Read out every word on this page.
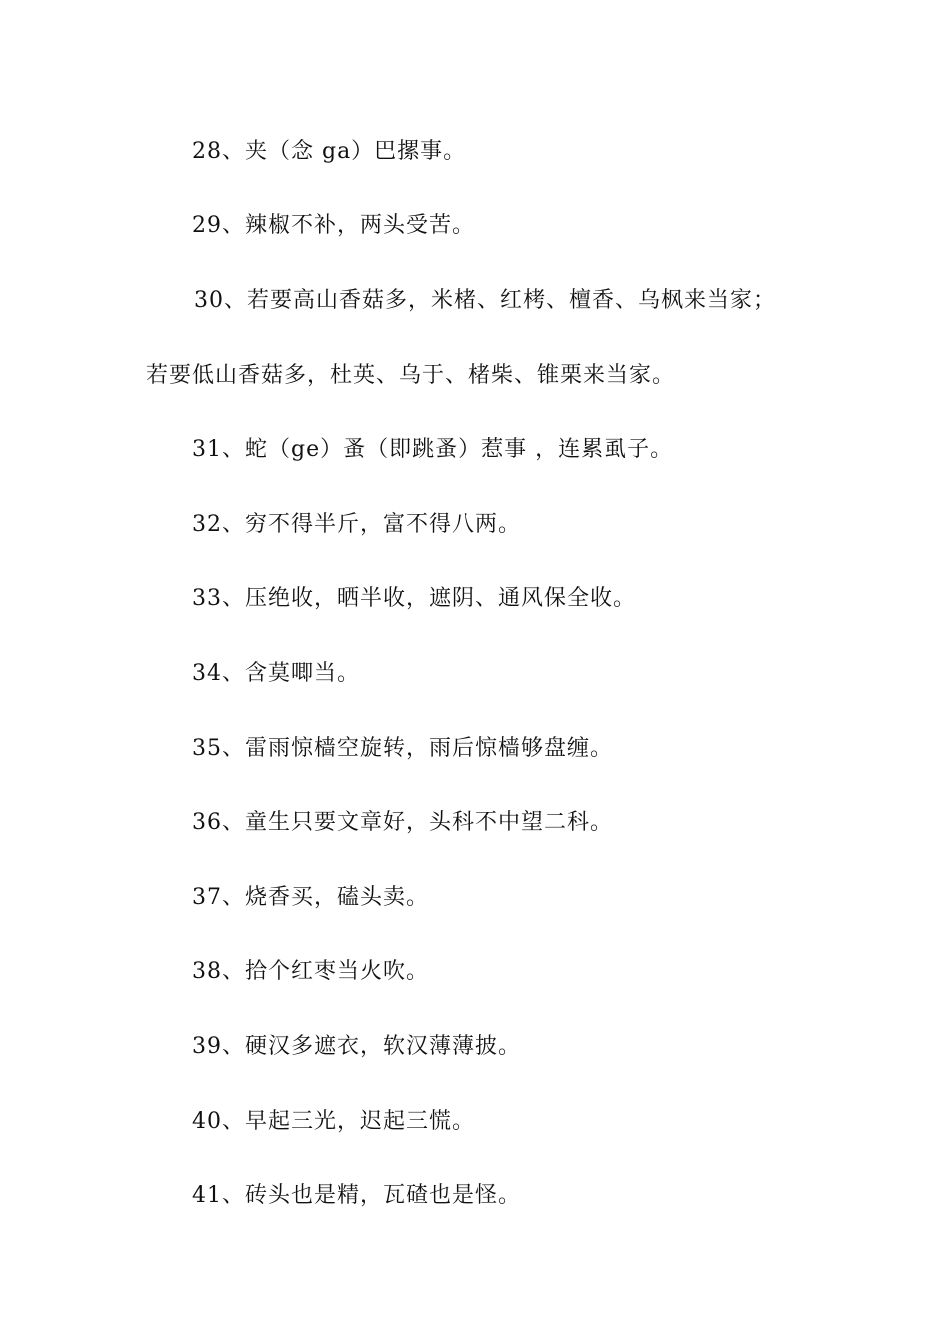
28、夹（念 ga）巴摞事。
29、辣椒不补，两头受苦。
30、若要高山香菇多，米楮、红栲、檀香、乌枫来当家；
若要低山香菇多，杜英、乌于、楮柴、锥栗来当家。
31、蛇（ge）蚤（即跳蚤）惹事 ，连累虱子。
32、穷不得半斤，富不得八两。
33、压绝收，晒半收，遮阴、通风保全收。
34、含莫唧当。
35、雷雨惊樯空旋转，雨后惊樯够盘缠。
36、童生只要文章好，头科不中望二科。
37、烧香买，磕头卖。
38、拾个红枣当火吹。
39、硬汉多遮衣，软汉薄薄披。
40、早起三光，迟起三慌。
41、砖头也是精，瓦碴也是怪。
